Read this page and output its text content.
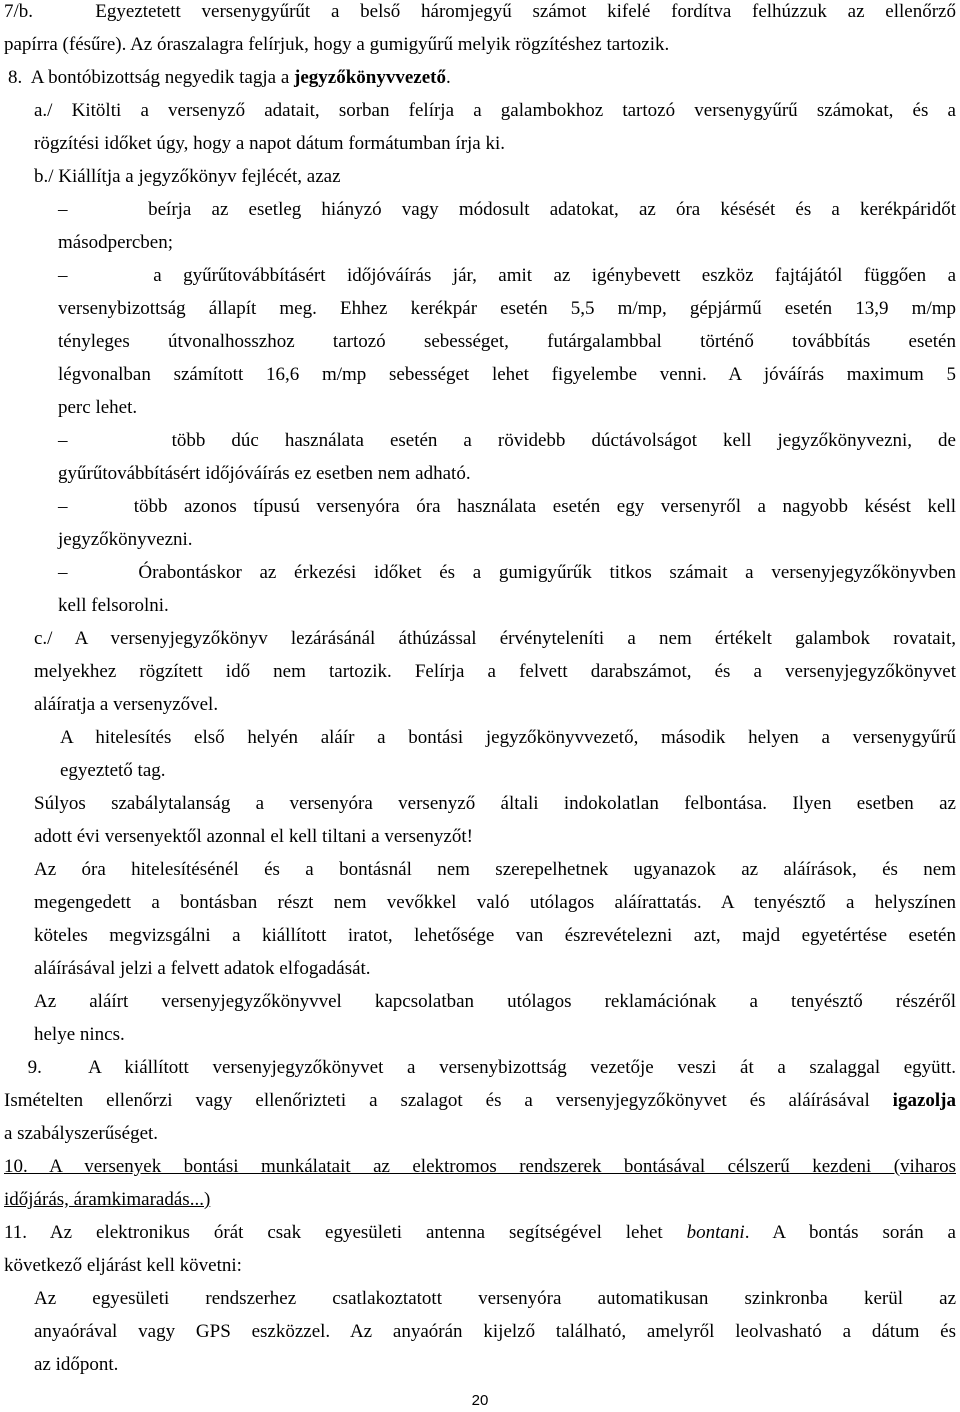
7/b.   Egyeztetett versenygyűrűt a belső háromjegyű számot kifelé fordítva felhúzzuk az ellenőrző
papírra (fésűre). Az óraszalagra felírjuk, hogy a gumigyűrű melyik rögzítéshez tartozik.
8.  A bontóbizottság negyedik tagja a jegyzőkönyvvezető.
a./ Kitölti a versenyző adatait, sorban felírja a galambokhoz tartozó versenygyűrű számokat, és a
rögzítési időket úgy, hogy a napot dátum formátumban írja ki.
b./ Kiállítja a jegyzőkönyv fejlécét, azaz
–    beírja az esetleg hiányzó vagy módosult adatokat, az óra késését és a kerékpáridőt
másodpercben;
–    a gyűrűtovábbításért időjóváírás jár, amit az igénybevett eszköz fajtájától függően a
versenybizottság állapít meg. Ehhez kerékpár esetén 5,5 m/mp, gépjármű esetén 13,9 m/mp
tényleges útvonalhosszhoz tartozó sebességet, futárgalambbal történő továbbítás esetén
légvonalban számított 16,6 m/mp sebességet lehet figyelembe venni. A jóváírás maximum 5
perc lehet.
–    több dúc használata esetén a rövidebb dúctávolságot kell jegyzőkönyvezni, de
gyűrűtovábbításért időjóváírás ez esetben nem adható.
–    több azonos típusú versenyóra óra használata esetén egy versenyről a nagyobb késést kell
jegyzőkönyvezni.
–    Órabontáskor az érkezési időket és a gumigyűrűk titkos számait a versenyjegyzőkönyvben
kell felsorolni.
c./ A versenyjegyzőkönyv lezárásánál áthúzással érvényteleníti a nem értékelt galambok rovatait,
melyekhez rögzített idő nem tartozik. Felírja a felvett darabszámot, és a versenyjegyzőkönyvet
aláíratja a versenyzővel.
A hitelesítés első helyén aláír a bontási jegyzőkönyvvezető, második helyen a versenygyűrű
egyeztető tag.
Súlyos szabálytalanság a versenyóra versenyző általi indokolatlan felbontása. Ilyen esetben az
adott évi versenyektől azonnal el kell tiltani a versenyzőt!
Az óra hitelesítésénél és a bontásnál nem szerepelhetnek ugyanazok az aláírások, és nem
megengedett a bontásban részt nem vevőkkel való utólagos aláírattatás. A tenyésztő a helyszínen
köteles megvizsgálni a kiállított iratot, lehetősége van észrevételezni azt, majd egyetértése esetén
aláírásával jelzi a felvett adatok elfogadását.
Az aláírt versenyjegyzőkönyvvel kapcsolatban utólagos reklamációnak a tenyésztő részéről
helye nincs.
9.  A kiállított versenyjegyzőkönyvet a versenybizottság vezetője veszi át a szalaggal együtt.
Ismételten ellenőrzi vagy ellenőrizteti a szalagot és a versenyjegyzőkönyvet és aláírásával igazolja
a szabályszerűséget.
10. A versenyek bontási munkálatait az elektromos rendszerek bontásával célszerű kezdeni (viharos
időjárás, áramkimaradás...)
11. Az elektronikus órát csak egyesületi antenna segítségével lehet bontani. A bontás során a
következő eljárást kell követni:
Az egyesületi rendszerhez csatlakoztatott versenyóra automatikusan szinkronba kerül az
anyaórával vagy GPS eszközzel. Az anyaórán kijelző található, amelyről leolvasható a dátum és
az időpont.
20
